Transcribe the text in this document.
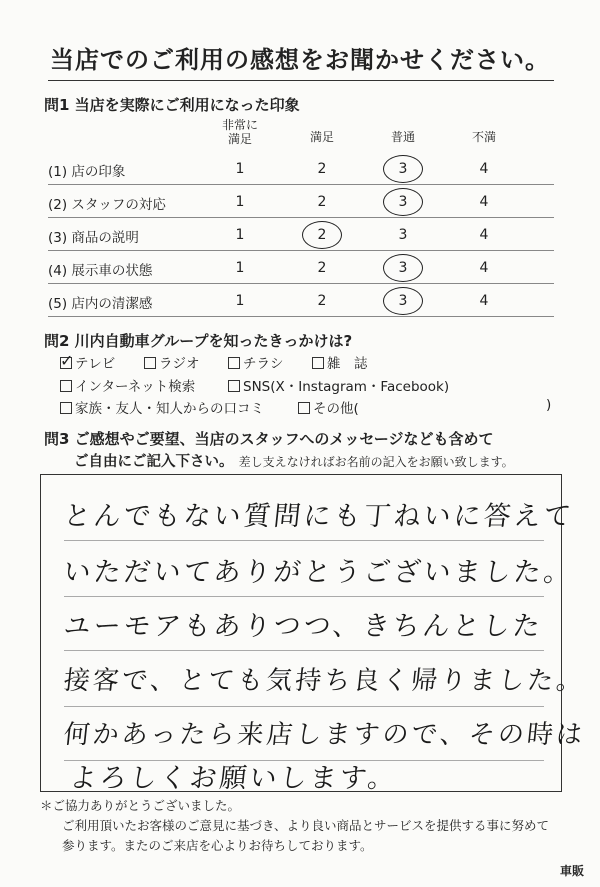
当店でのご利用の感想をお聞かせください。
問1 当店を実際にご利用になった印象
非常に
満足	満足	普通	不満
(1) 店の印象	1	2	3	4
(2) スタッフの対応	1	2	3	4
(3) 商品の説明	1	2	3	4
(4) 展示車の状態	1	2	3	4
(5) 店内の清潔感	1	2	3	4
問2 川内自動車グループを知ったきっかけは?
✓ テレビ	ラジオ	チラシ	雑　誌
インターネット検索	SNS(X・Instagram・Facebook)
家族・友人・知人からの口コミ	その他(	)
問3 ご感想やご要望、当店のスタッフへのメッセージなども含めて
ご自由にご記入下さい。 差し支えなければお名前の記入をお願い致します。
とんでもない質問にも丁ねいに答えて
いただいてありがとうございました。
ユーモアもありつつ、きちんとした
接客で、とても気持ち良く帰りました。
何かあったら来店しますので、その時は
よろしくお願いします。
＊ご協力ありがとうございました。
ご利用頂いたお客様のご意見に基づき、より良い商品とサービスを提供する事に努めて
参ります。またのご来店を心よりお待ちしております。
車販
